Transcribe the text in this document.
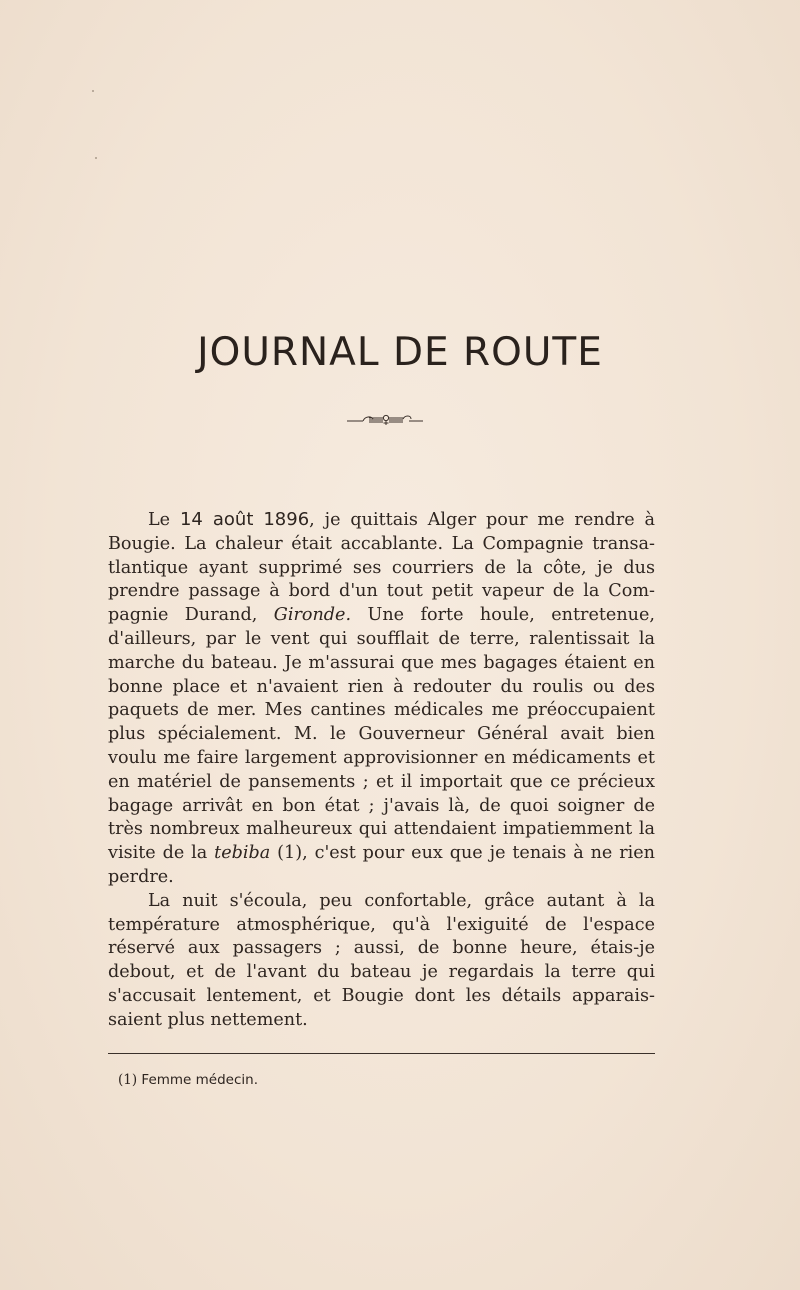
JOURNAL DE ROUTE

Le 14 août 1896, je quittais Alger pour me rendre à Bougie. La chaleur était accablante. La Compagnie transatlantique ayant supprimé ses courriers de la côte, je dus prendre passage à bord d'un tout petit vapeur de la Compagnie Durand, Gironde. Une forte houle, entretenue, d'ailleurs, par le vent qui soufflait de terre, ralentissait la marche du bateau. Je m'assurai que mes bagages étaient en bonne place et n'avaient rien à redouter du roulis ou des paquets de mer. Mes cantines médicales me préoccupaient plus spécialement. M. le Gouverneur Général avait bien voulu me faire largement approvisionner en médicaments et en matériel de pansements ; et il importait que ce précieux bagage arrivât en bon état ; j'avais là, de quoi soigner de très nombreux malheureux qui attendaient impatiemment la visite de la tebiba (1), c'est pour eux que je tenais à ne rien perdre.

La nuit s'écoula, peu confortable, grâce autant à la température atmosphérique, qu'à l'exiguité de l'espace réservé aux passagers ; aussi, de bonne heure, étais-je debout, et de l'avant du bateau je regardais la terre qui s'accusait lentement, et Bougie dont les détails apparaissaient plus nettement.

(1) Femme médecin.
